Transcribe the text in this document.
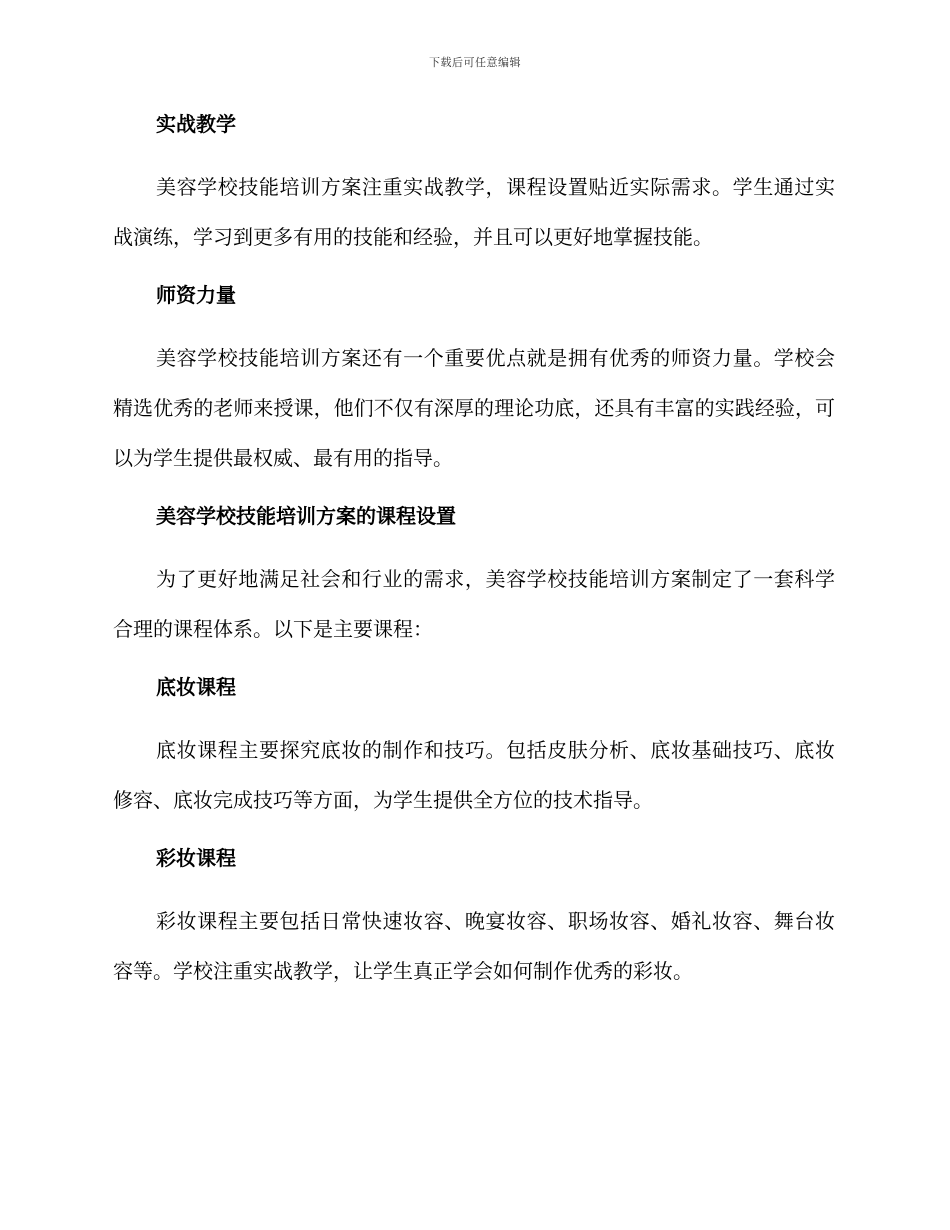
下载后可任意编辑
实战教学

美容学校技能培训方案注重实战教学，课程设置贴近实际需求。学生通过实战演练，学习到更多有用的技能和经验，并且可以更好地掌握技能。

师资力量

美容学校技能培训方案还有一个重要优点就是拥有优秀的师资力量。学校会精选优秀的老师来授课，他们不仅有深厚的理论功底，还具有丰富的实践经验，可以为学生提供最权威、最有用的指导。

美容学校技能培训方案的课程设置

为了更好地满足社会和行业的需求，美容学校技能培训方案制定了一套科学合理的课程体系。以下是主要课程：

底妆课程

底妆课程主要探究底妆的制作和技巧。包括皮肤分析、底妆基础技巧、底妆修容、底妆完成技巧等方面，为学生提供全方位的技术指导。

彩妆课程

彩妆课程主要包括日常快速妆容、晚宴妆容、职场妆容、婚礼妆容、舞台妆容等。学校注重实战教学，让学生真正学会如何制作优秀的彩妆。
